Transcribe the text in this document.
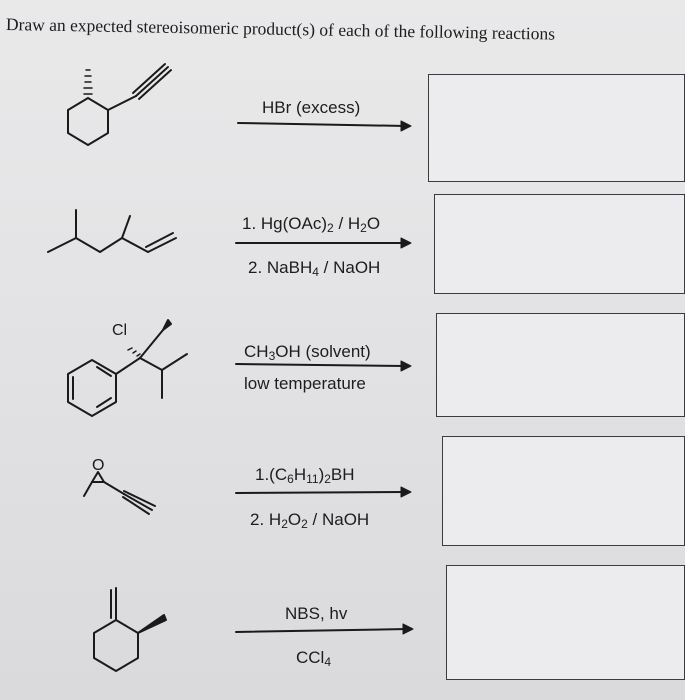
Draw an expected stereoisomeric product(s) of each of the following reactions
Cl
O
HBr (excess)
1. $Hg(OAc)_2 / H_2O$
2. NaBH$_4$ / NaOH
$CH_3OH$ (solvent)
low temperature
$1.(C_6H_{11})_2BH$
2. $H_2O_2$ / NaOH
NBS, hv
CCl$_4$
